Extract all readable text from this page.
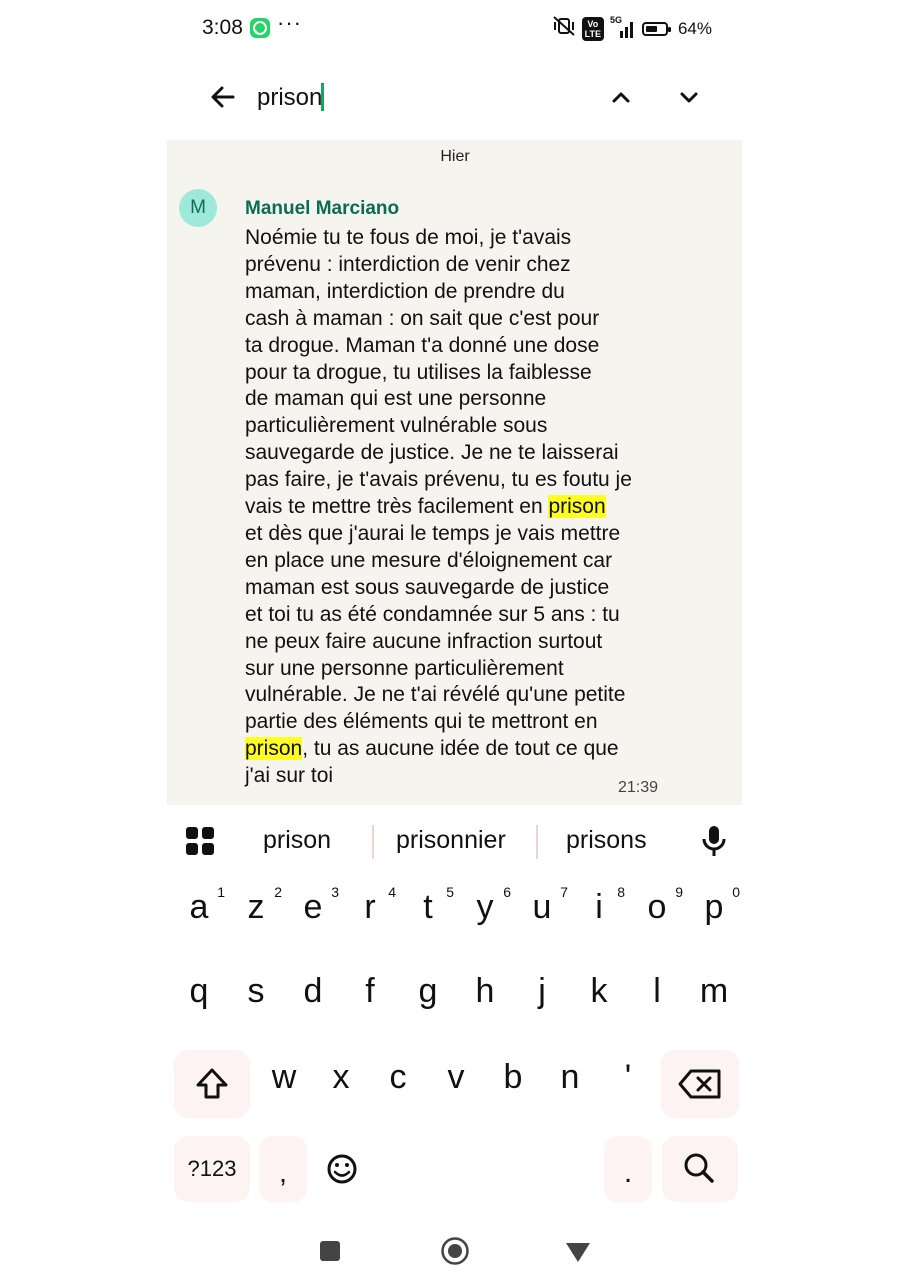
3:08 ···	Vo
LTE
5G	64%
prison
Hier
M	Manuel Marciano
Noémie tu te fous de moi, je t'avais
prévenu : interdiction de venir chez
maman, interdiction de prendre du
cash à maman : on sait que c'est pour
ta drogue. Maman t'a donné une dose
pour ta drogue, tu utilises la faiblesse
de maman qui est une personne
particulièrement vulnérable sous
sauvegarde de justice. Je ne te laisserai
pas faire, je t'avais prévenu, tu es foutu je
vais te mettre très facilement en prison
et dès que j'aurai le temps je vais mettre
en place une mesure d'éloignement car
maman est sous sauvegarde de justice
et toi tu as été condamnée sur 5 ans : tu
ne peux faire aucune infraction surtout
sur une personne particulièrement
vulnérable. Je ne t'ai révélé qu'une petite
partie des éléments qui te mettront en
prison, tu as aucune idée de tout ce que
j'ai sur toi
21:39
prison	prisonnier prisons
1
a	2
z	3
e	4
r	5
t	6
y	7
u	8
i	9
o	0
p
q	s	d	f	g	h	j	k	l	m
w	x	c	v	b	n	'
?123	,	.
